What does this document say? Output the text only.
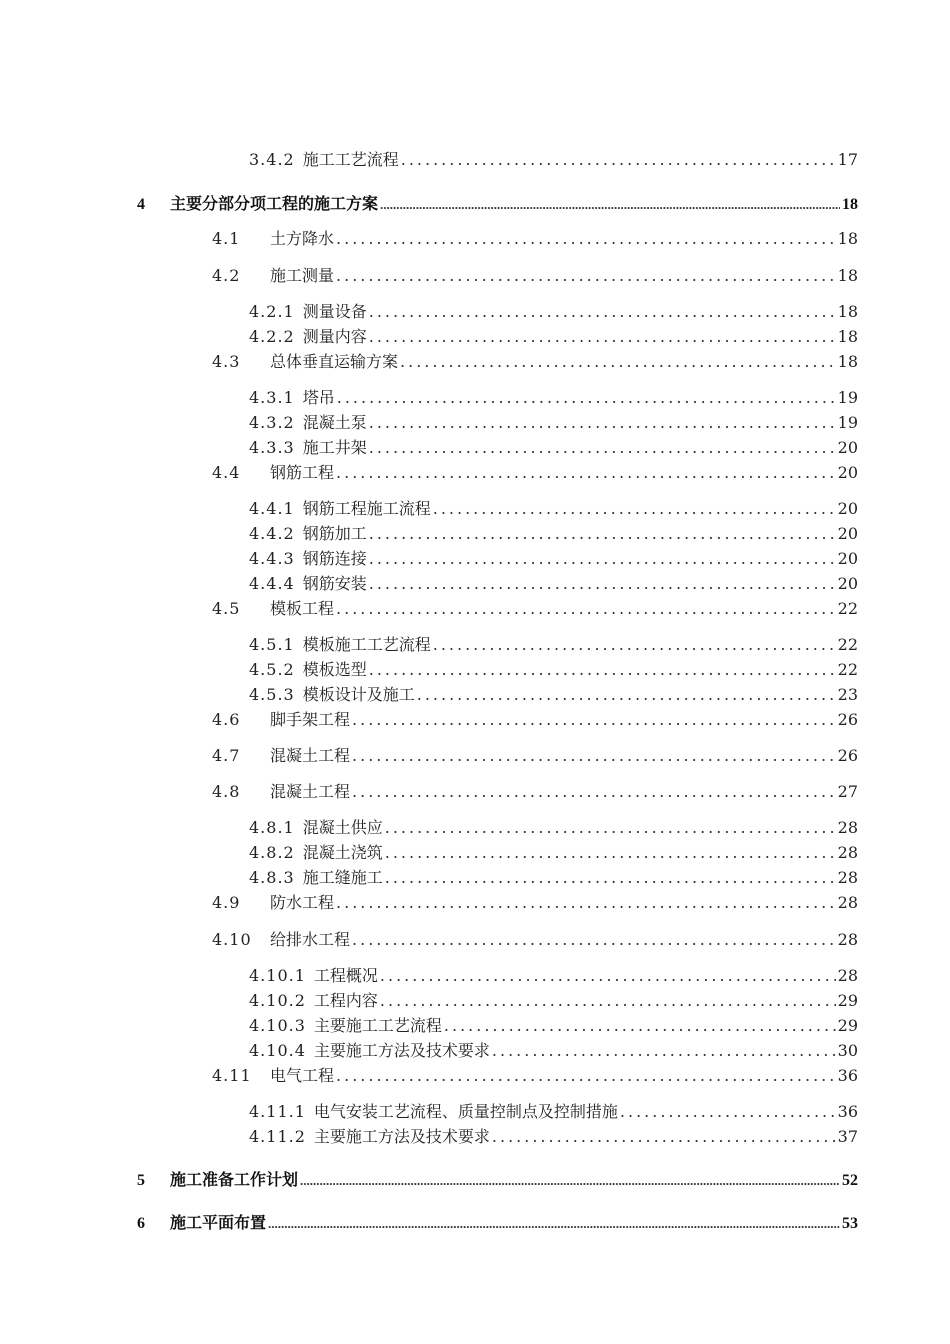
3.4.2 施工工艺流程 .....	17
4	主要分部分项工程的施工方案 .....	18
4.1	土方降水 .....	18
4.2	施工测量 .....	18
4.2.1 测量设备 .....	18
4.2.2 测量内容 .....	18
4.3	总体垂直运输方案 .....	18
4.3.1 塔吊 .....	19
4.3.2 混凝土泵 .....	19
4.3.3 施工井架 .....	20
4.4	钢筋工程 .....	20
4.4.1 钢筋工程施工流程 .....	20
4.4.2 钢筋加工 .....	20
4.4.3 钢筋连接 .....	20
4.4.4 钢筋安装 .....	20
4.5	模板工程 .....	22
4.5.1 模板施工工艺流程 .....	22
4.5.2 模板选型 .....	22
4.5.3 模板设计及施工 .....	23
4.6	脚手架工程 .....	26
4.7	混凝土工程 .....	26
4.8	混凝土工程 .....	27
4.8.1 混凝土供应 .....	28
4.8.2 混凝土浇筑 .....	28
4.8.3 施工缝施工 .....	28
4.9	防水工程 .....	28
4.10	给排水工程 .....	28
4.10.1 工程概况 .....	28
4.10.2 工程内容 .....	29
4.10.3 主要施工工艺流程 .....	29
4.10.4 主要施工方法及技术要求 .....	30
4.11	电气工程 .....	36
4.11.1 电气安装工艺流程、质量控制点及控制措施 .....	36
4.11.2 主要施工方法及技术要求 .....	37
5	施工准备工作计划 .....	52
6	施工平面布置 .....	53
